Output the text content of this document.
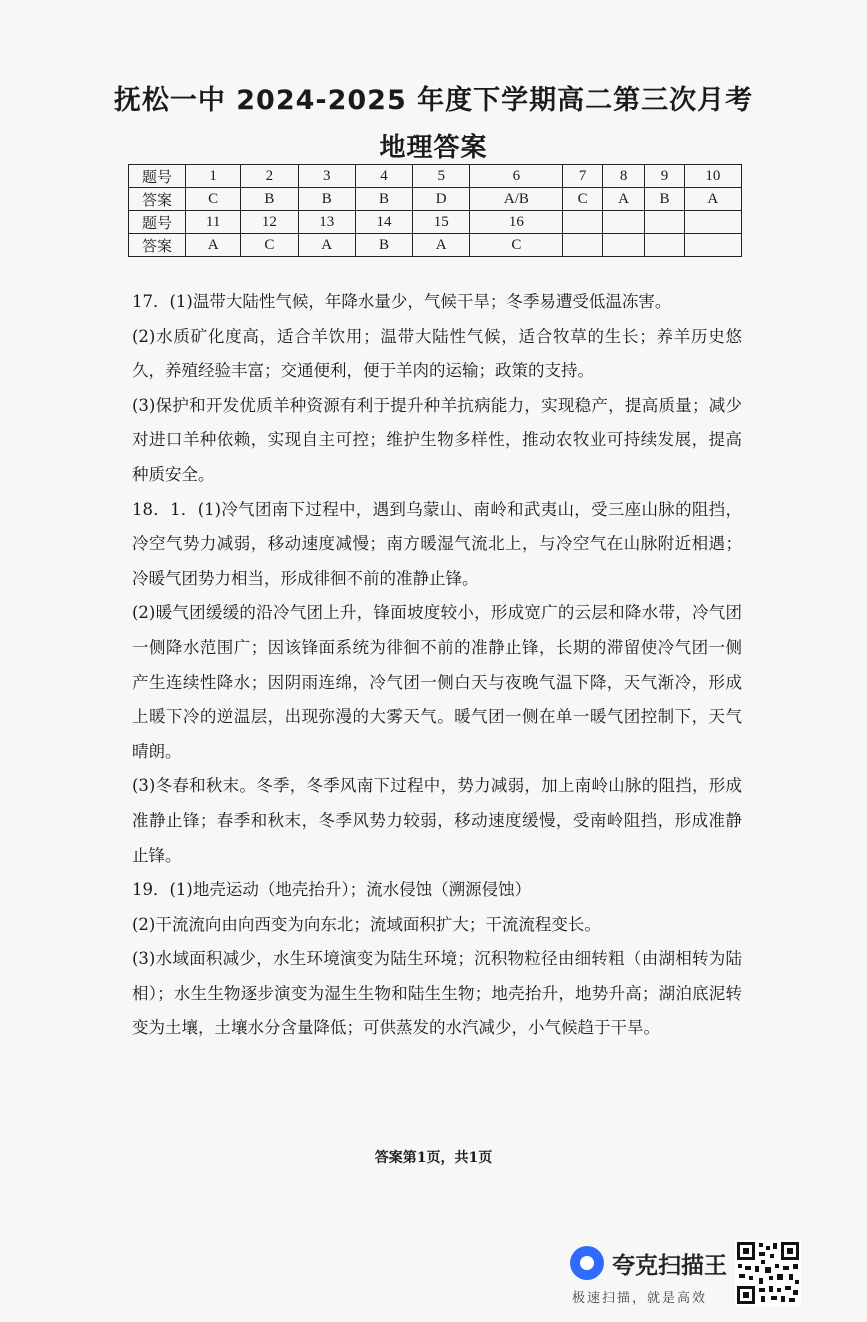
抚松一中 2024-2025 年度下学期高二第三次月考
地理答案
题号	1	2	3	4	5	6	7	8	9	10
答案	C	B	B	B	D	A/B	C	A	B	A
题号	11	12	13	14	15	16				
答案	A	C	A	B	A	C				

17．(1)温带大陆性气候，年降水量少，气候干旱；冬季易遭受低温冻害。

(2)水质矿化度高，适合羊饮用；温带大陆性气候，适合牧草的生长；养羊历史悠久，养殖经验丰富；交通便利，便于羊肉的运输；政策的支持。

(3)保护和开发优质羊种资源有利于提升种羊抗病能力，实现稳产，提高质量；减少对进口羊种依赖，实现自主可控；维护生物多样性，推动农牧业可持续发展，提高种质安全。

18．1．(1)冷气团南下过程中，遇到乌蒙山、南岭和武夷山，受三座山脉的阻挡，冷空气势力减弱，移动速度减慢；南方暖湿气流北上，与冷空气在山脉附近相遇；冷暖气团势力相当，形成徘徊不前的准静止锋。

(2)暖气团缓缓的沿冷气团上升，锋面坡度较小，形成宽广的云层和降水带，冷气团一侧降水范围广；因该锋面系统为徘徊不前的准静止锋，长期的滞留使冷气团一侧产生连续性降水；因阴雨连绵，冷气团一侧白天与夜晚气温下降，天气渐冷，形成上暖下冷的逆温层，出现弥漫的大雾天气。暖气团一侧在单一暖气团控制下，天气晴朗。

(3)冬春和秋末。冬季，冬季风南下过程中，势力减弱，加上南岭山脉的阻挡，形成准静止锋；春季和秋末，冬季风势力较弱，移动速度缓慢，受南岭阻挡，形成准静止锋。

19．(1)地壳运动（地壳抬升）；流水侵蚀（溯源侵蚀）

(2)干流流向由向西变为向东北；流域面积扩大；干流流程变长。

(3)水域面积减少，水生环境演变为陆生环境；沉积物粒径由细转粗（由湖相转为陆相）；水生生物逐步演变为湿生生物和陆生生物；地壳抬升，地势升高；湖泊底泥转变为土壤，土壤水分含量降低；可供蒸发的水汽减少，小气候趋于干旱。

答案第1页，共1页
夸克扫描王
极速扫描，就是高效
